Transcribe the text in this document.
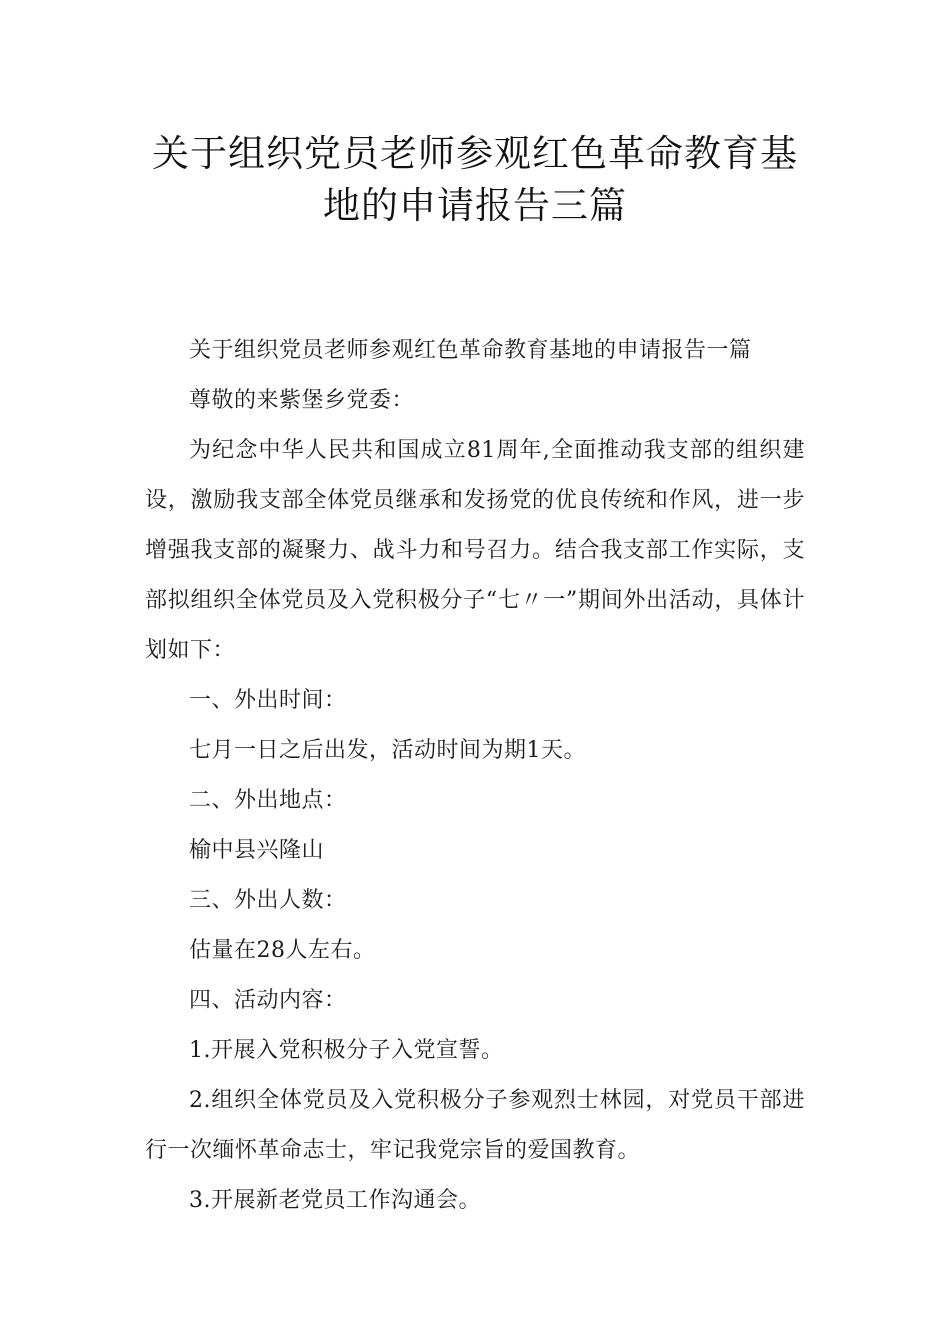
关于组织党员老师参观红色革命教育基
地的申请报告三篇

关于组织党员老师参观红色革命教育基地的申请报告一篇

尊敬的来紫堡乡党委：

为纪念中华人民共和国成立81周年,全面推动我支部的组织建设，激励我支部全体党员继承和发扬党的优良传统和作风，进一步增强我支部的凝聚力、战斗力和号召力。结合我支部工作实际，支部拟组织全体党员及入党积极分子“七〃一”期间外出活动，具体计划如下：

一、外出时间：

七月一日之后出发，活动时间为期1天。

二、外出地点：

榆中县兴隆山

三、外出人数：

估量在28人左右。

四、活动内容：

1.开展入党积极分子入党宣誓。

2.组织全体党员及入党积极分子参观烈士林园，对党员干部进行一次缅怀革命志士，牢记我党宗旨的爱国教育。

3.开展新老党员工作沟通会。
